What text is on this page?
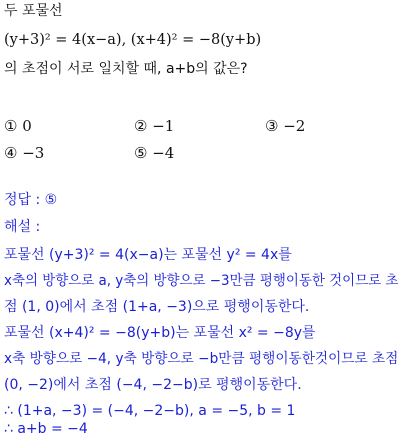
두 포물선
(y+3)² = 4(x−a), (x+4)² = −8(y+b)
의 초점이 서로 일치할 때, a+b의 값은?
① 0	② −1	③ −2
④ −3	⑤ −4
정답 : ⑤
해설 :
포물선 (y+3)² = 4(x−a)는 포물선 y² = 4x를
x축의 방향으로 a, y축의 방향으로 −3만큼 평행이동한 것이므로 초
점 (1, 0)에서 초점 (1+a, −3)으로 평행이동한다.
포물선 (x+4)² = −8(y+b)는 포물선 x² = −8y를
x축 방향으로 −4, y축 방향으로 −b만큼 평행이동한것이므로 초점
(0, −2)에서 초점 (−4, −2−b)로 평행이동한다.
∴ (1+a, −3) = (−4, −2−b), a = −5, b = 1
∴ a+b = −4
